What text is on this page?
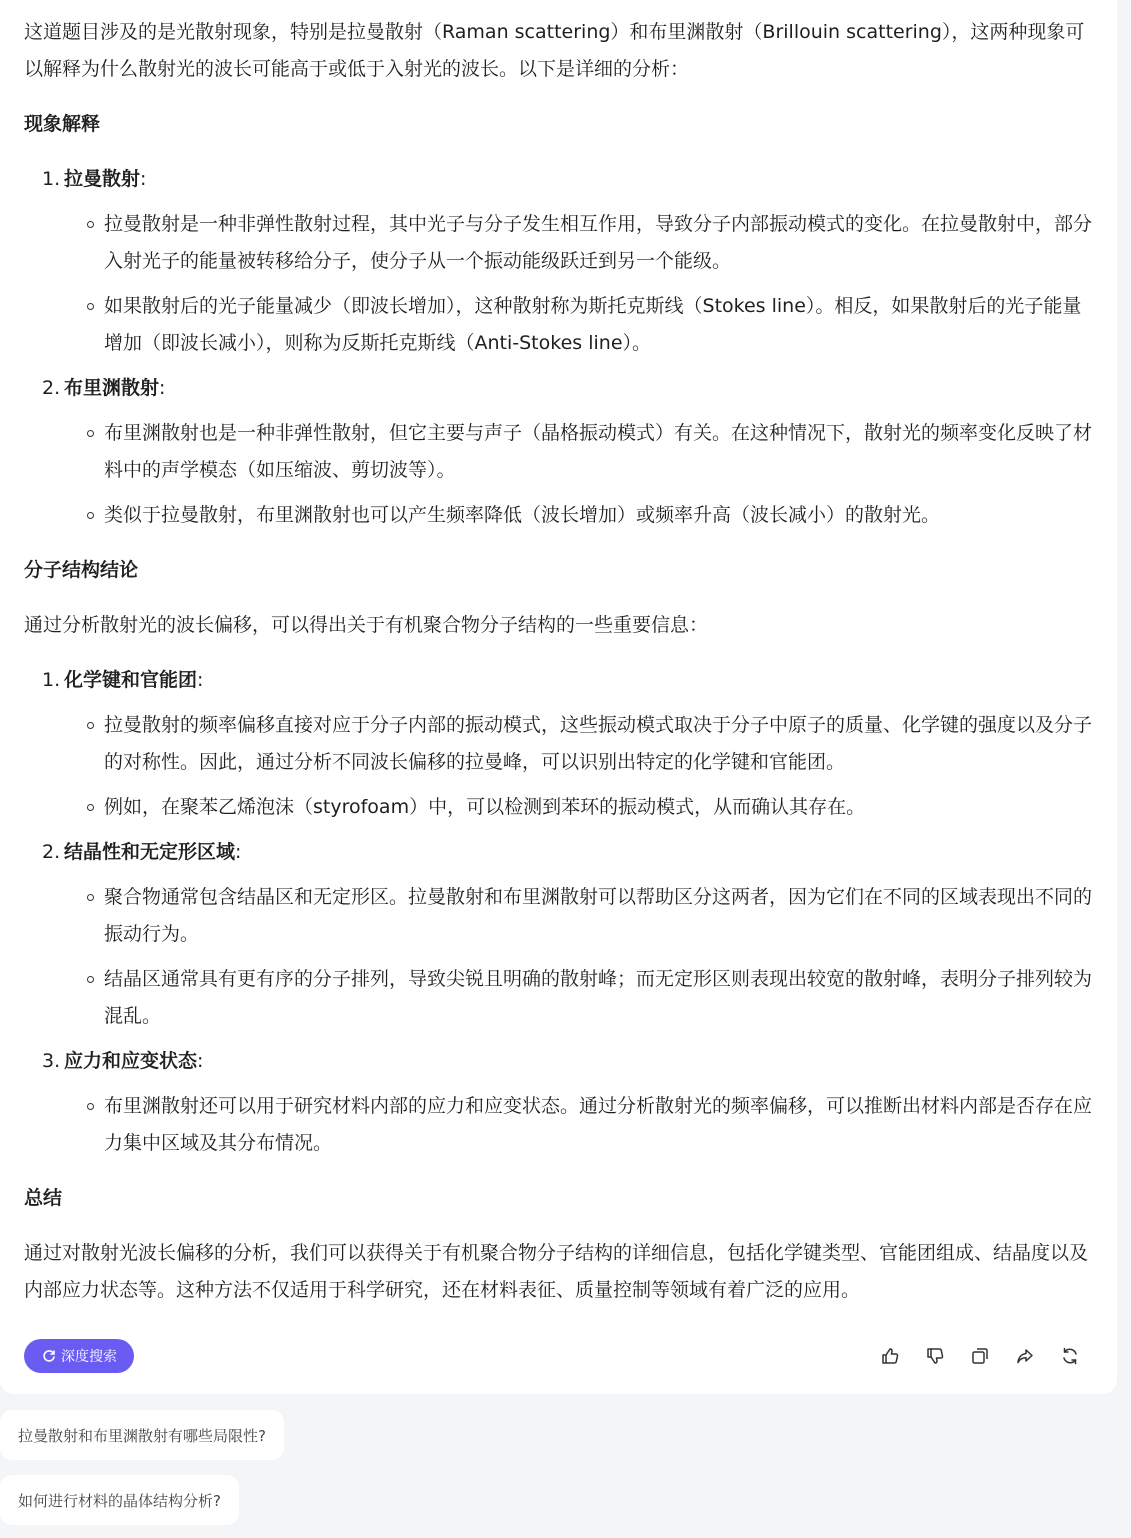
这道题目涉及的是光散射现象，特别是拉曼散射（Raman scattering）和布里渊散射（Brillouin scattering），这两种现象可以解释为什么散射光的波长可能高于或低于入射光的波长。以下是详细的分析：

现象解释

1. 拉曼散射:
拉曼散射是一种非弹性散射过程，其中光子与分子发生相互作用，导致分子内部振动模式的变化。在拉曼散射中，部分入射光子的能量被转移给分子，使分子从一个振动能级跃迁到另一个能级。
如果散射后的光子能量减少（即波长增加），这种散射称为斯托克斯线（Stokes line）。相反，如果散射后的光子能量增加（即波长减小），则称为反斯托克斯线（Anti-Stokes line）。
2. 布里渊散射:
布里渊散射也是一种非弹性散射，但它主要与声子（晶格振动模式）有关。在这种情况下，散射光的频率变化反映了材料中的声学模态（如压缩波、剪切波等）。
类似于拉曼散射，布里渊散射也可以产生频率降低（波长增加）或频率升高（波长减小）的散射光。

分子结构结论

通过分析散射光的波长偏移，可以得出关于有机聚合物分子结构的一些重要信息：

1. 化学键和官能团:
拉曼散射的频率偏移直接对应于分子内部的振动模式，这些振动模式取决于分子中原子的质量、化学键的强度以及分子的对称性。因此，通过分析不同波长偏移的拉曼峰，可以识别出特定的化学键和官能团。
例如，在聚苯乙烯泡沫（styrofoam）中，可以检测到苯环的振动模式，从而确认其存在。
2. 结晶性和无定形区域:
聚合物通常包含结晶区和无定形区。拉曼散射和布里渊散射可以帮助区分这两者，因为它们在不同的区域表现出不同的振动行为。
结晶区通常具有更有序的分子排列，导致尖锐且明确的散射峰；而无定形区则表现出较宽的散射峰，表明分子排列较为混乱。
3. 应力和应变状态:
布里渊散射还可以用于研究材料内部的应力和应变状态。通过分析散射光的频率偏移，可以推断出材料内部是否存在应力集中区域及其分布情况。

总结

通过对散射光波长偏移的分析，我们可以获得关于有机聚合物分子结构的详细信息，包括化学键类型、官能团组成、结晶度以及内部应力状态等。这种方法不仅适用于科学研究，还在材料表征、质量控制等领域有着广泛的应用。

深度搜索
拉曼散射和布里渊散射有哪些局限性?
如何进行材料的晶体结构分析?
